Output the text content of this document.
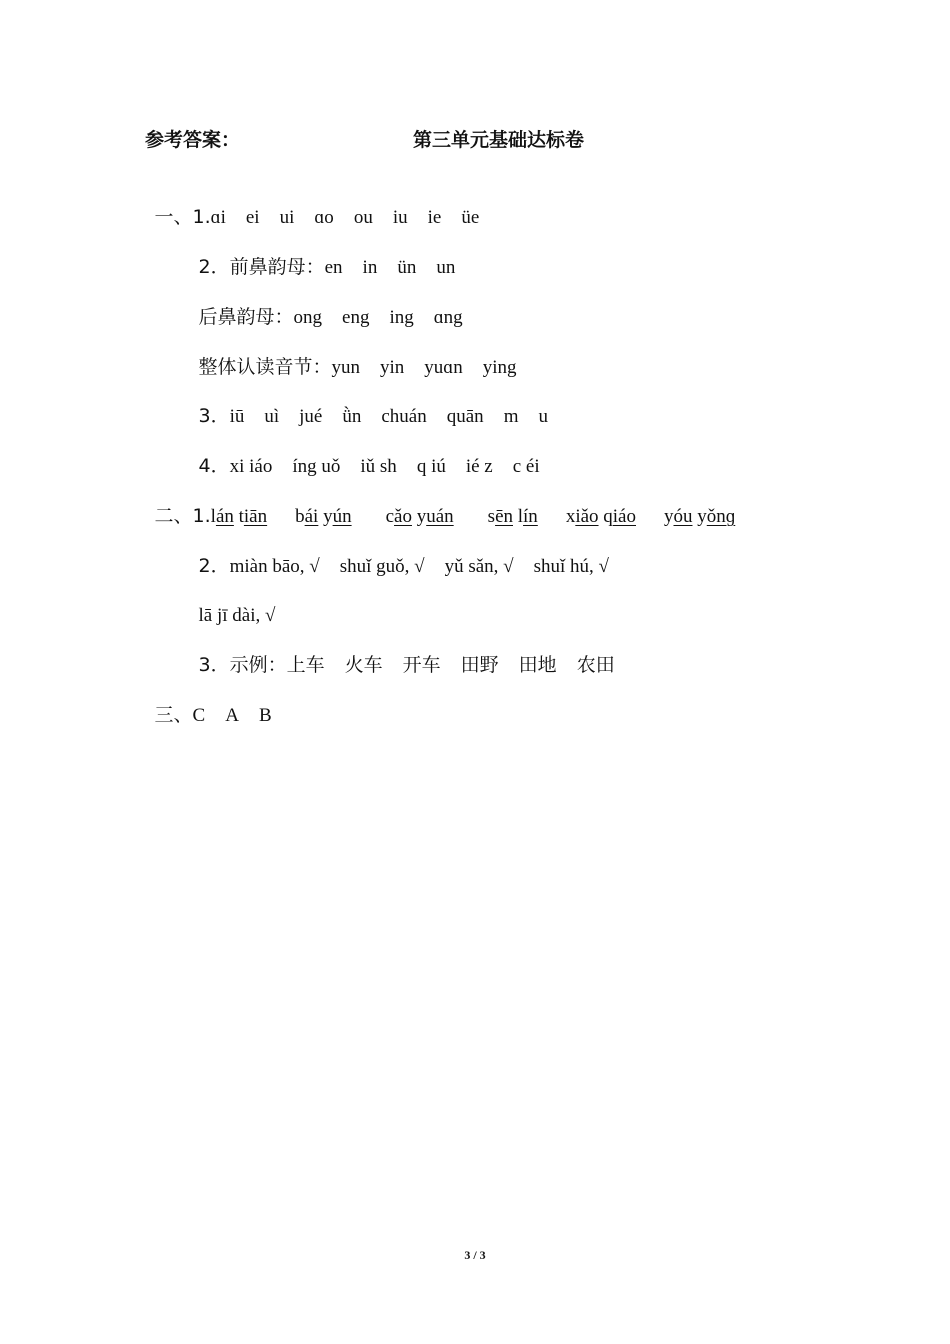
参考答案：	第三单元基础达标卷

一、1.ɑi ei ui ɑo ou iu ie üe

2．前鼻韵母：en in ün un

后鼻韵母：ong eng ing ɑng

整体认读音节：yun yin yuɑn ying

3．iū uì jué ǜn chuán quān m u

4．xi iáo íng uǒ iǔ sh q iú ié z c éi

二、1.lán tiān bái yún cǎo yuán sēn lín xiǎo qiáo yóu yǒnɡ

2．miàn bāo, √ shuǐ guǒ, √ yǔ sǎn, √ shuǐ hú, √

lā jī dài, √

3．示例：上车 火车 开车 田野 田地 农田

三、C A B

3 / 3
